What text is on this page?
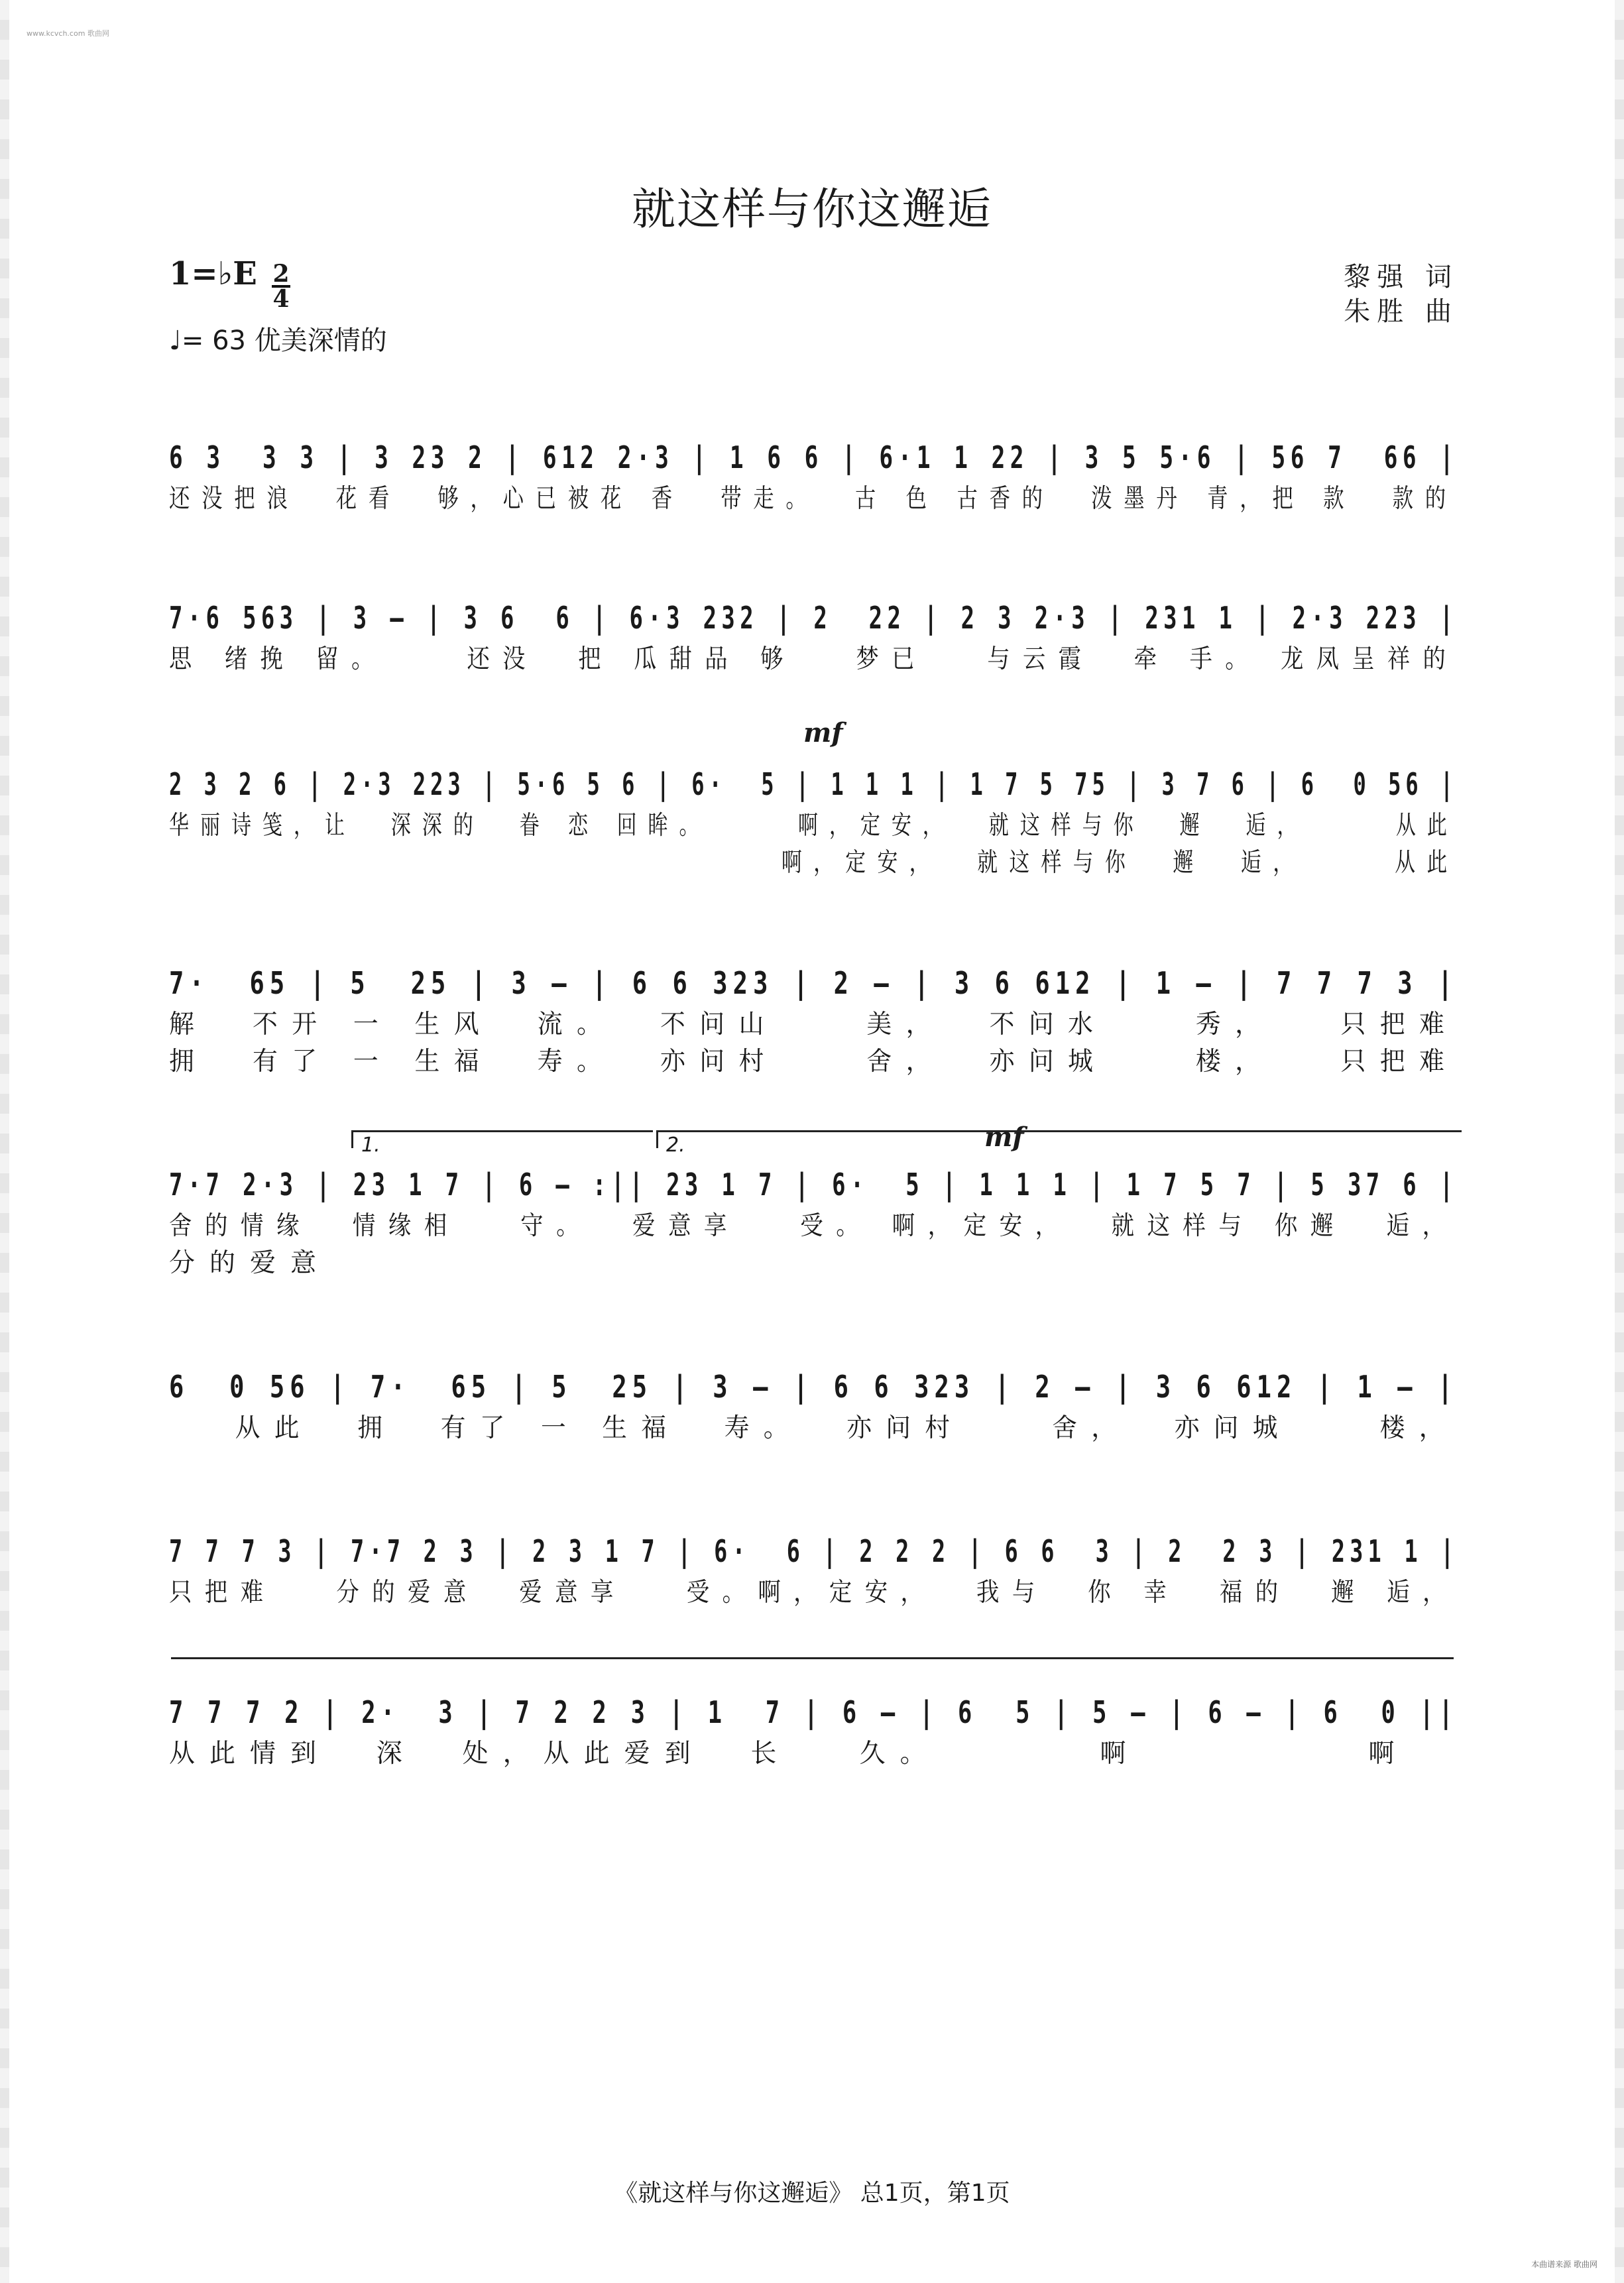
www.kcvch.com 歌曲网
就这样与你这邂逅
黎强 词
朱胜 曲
1=♭E 2
4
♩= 63 优美深情的
mf
mf
1.	2.
6 3  3 3 | 3 23 2 | 612 2·3 | 1 6 6 | 6·1 1 22 | 3 5 5·6 | 56 7  66 |
还没把浪  花看  够，心已被花 香  带走。  古 色 古香的  泼墨丹 青，把 款  款的
7·6 563 | 3 – | 3 6  6 | 6·3 232 | 2  22 | 2 3 2·3 | 231 1 | 2·3 223 |
思 绪挽 留。    还没  把 瓜甜品 够   梦已   与云霞  牵 手。 龙凤呈祥的
2 3 2 6 | 2·3 223 | 5·6 5 6 | 6·  5 | 1 1 1 | 1 7 5 75 | 3 7 6 | 6  0 56 |
华丽诗笺，让  深深的  眷 恋 回眸。     啊，定安，  就这样与你  邂  逅，     从此
啊，定安，  就这样与你  邂  逅，     从此
7·  65 | 5  25 | 3 – | 6 6 323 | 2 – | 3 6 612 | 1 – | 7 7 7 3 |
解  不开 一 生风  流。  不问山    美，  不问水    秀，   只把难
拥  有了 一 生福  寿。  亦问村    舍，  亦问城    楼，   只把难
7·7 2·3 | 23 1 7 | 6 – :|| 23 1 7 | 6·  5 | 1 1 1 | 1 7 5 7 | 5 37 6 |
舍的情缘  情缘相   守。  爱意享   受。 啊，定安，  就这样与 你邂  逅，
分的爱意
6  0 56 | 7·  65 | 5  25 | 3 – | 6 6 323 | 2 – | 3 6 612 | 1 – |
从此  拥  有了 一 生福  寿。  亦问村    舍，  亦问城    楼，
7 7 7 3 | 7·7 2 3 | 2 3 1 7 | 6·  6 | 2 2 2 | 6 6  3 | 2  2 3 | 231 1 |
只把难   分的爱意  爱意享   受。啊，定安，  我与  你 幸  福的  邂 逅，
7 7 7 2 | 2·  3 | 7 2 2 3 | 1  7 | 6 – | 6  5 | 5 – | 6 – | 6  0 ||
从此情到  深  处，从此爱到  长   久。       啊          啊
《就这样与你这邂逅》 总1页，第1页
本曲谱来源 歌曲网
